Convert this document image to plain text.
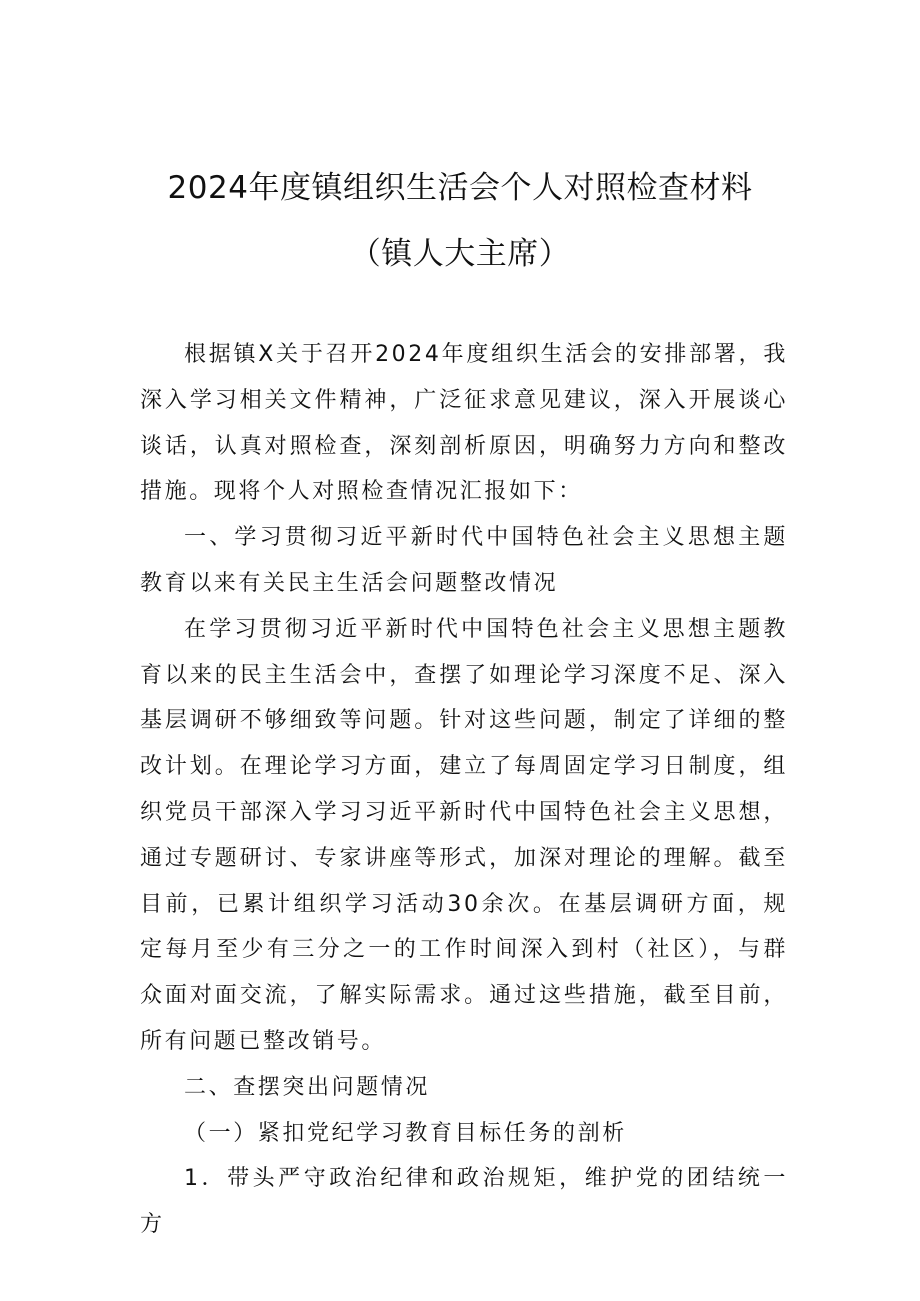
2024年度镇组织生活会个人对照检查材料
（镇人大主席）

根据镇X关于召开2024年度组织生活会的安排部署，我深入学习相关文件精神，广泛征求意见建议，深入开展谈心谈话，认真对照检查，深刻剖析原因，明确努力方向和整改措施。现将个人对照检查情况汇报如下：

一、学习贯彻习近平新时代中国特色社会主义思想主题教育以来有关民主生活会问题整改情况

在学习贯彻习近平新时代中国特色社会主义思想主题教育以来的民主生活会中，查摆了如理论学习深度不足、深入基层调研不够细致等问题。针对这些问题，制定了详细的整改计划。在理论学习方面，建立了每周固定学习日制度，组织党员干部深入学习习近平新时代中国特色社会主义思想，通过专题研讨、专家讲座等形式，加深对理论的理解。截至目前，已累计组织学习活动30余次。在基层调研方面，规定每月至少有三分之一的工作时间深入到村（社区），与群众面对面交流，了解实际需求。通过这些措施，截至目前，所有问题已整改销号。

二、查摆突出问题情况

（一）紧扣党纪学习教育目标任务的剖析

1．带头严守政治纪律和政治规矩，维护党的团结统一方
